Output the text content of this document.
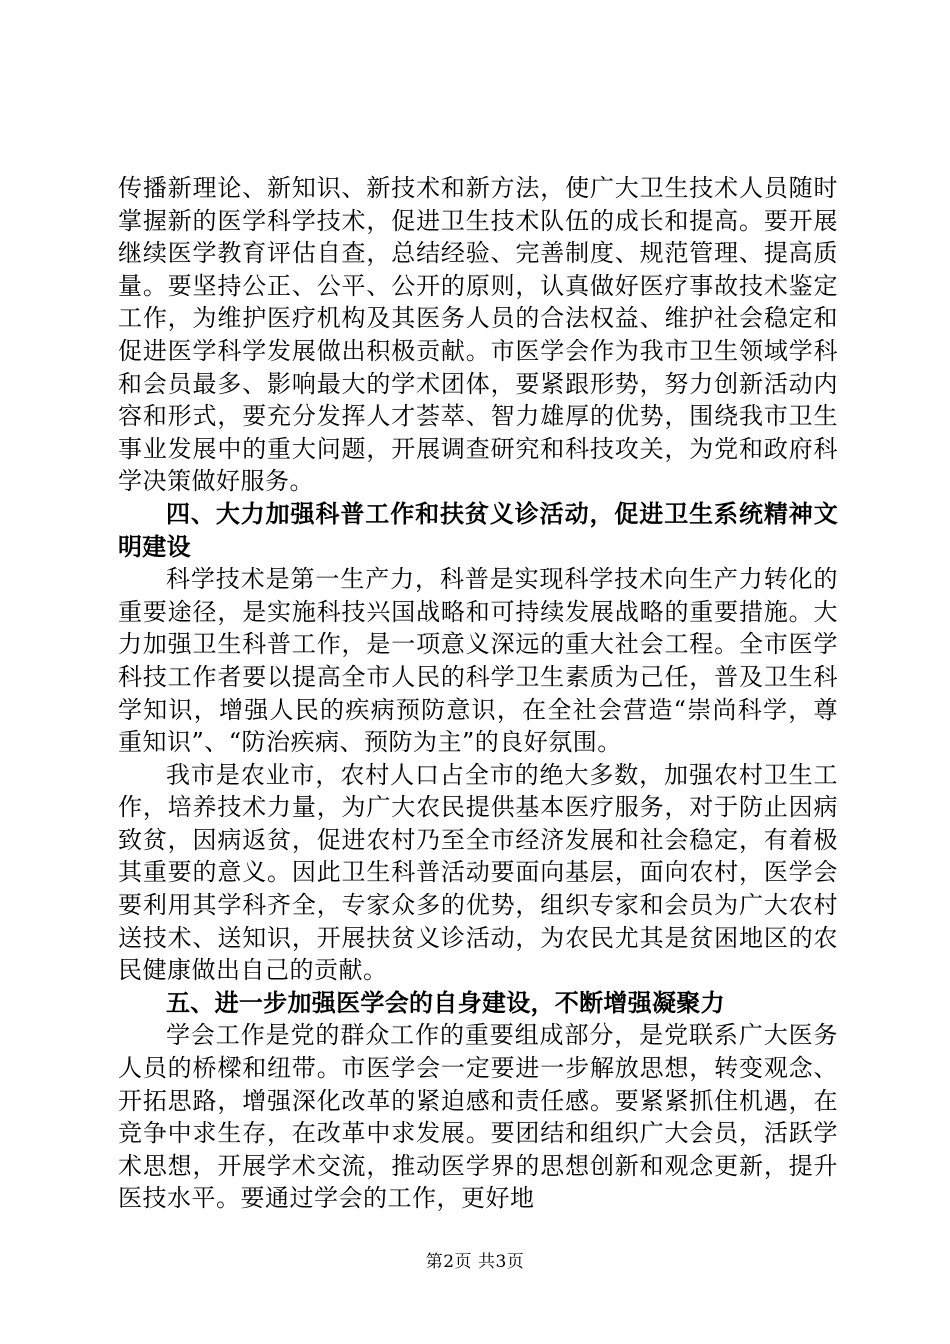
传播新理论、新知识、新技术和新方法，使广大卫生技术人员随时掌握新的医学科学技术，促进卫生技术队伍的成长和提高。要开展继续医学教育评估自查，总结经验、完善制度、规范管理、提高质量。要坚持公正、公平、公开的原则，认真做好医疗事故技术鉴定工作，为维护医疗机构及其医务人员的合法权益、维护社会稳定和促进医学科学发展做出积极贡献。市医学会作为我市卫生领域学科和会员最多、影响最大的学术团体，要紧跟形势，努力创新活动内容和形式，要充分发挥人才荟萃、智力雄厚的优势，围绕我市卫生事业发展中的重大问题，开展调查研究和科技攻关，为党和政府科学决策做好服务。

四、大力加强科普工作和扶贫义诊活动，促进卫生系统精神文明建设

科学技术是第一生产力，科普是实现科学技术向生产力转化的重要途径，是实施科技兴国战略和可持续发展战略的重要措施。大力加强卫生科普工作，是一项意义深远的重大社会工程。全市医学科技工作者要以提高全市人民的科学卫生素质为己任，普及卫生科学知识，增强人民的疾病预防意识，在全社会营造“崇尚科学，尊重知识”、“防治疾病、预防为主”的良好氛围。

我市是农业市，农村人口占全市的绝大多数，加强农村卫生工作，培养技术力量，为广大农民提供基本医疗服务，对于防止因病致贫，因病返贫，促进农村乃至全市经济发展和社会稳定，有着极其重要的意义。因此卫生科普活动要面向基层，面向农村，医学会要利用其学科齐全，专家众多的优势，组织专家和会员为广大农村送技术、送知识，开展扶贫义诊活动，为农民尤其是贫困地区的农民健康做出自己的贡献。

五、进一步加强医学会的自身建设，不断增强凝聚力

学会工作是党的群众工作的重要组成部分，是党联系广大医务人员的桥樑和纽带。市医学会一定要进一步解放思想，转变观念、开拓思路，增强深化改革的紧迫感和责任感。要紧紧抓住机遇，在竞争中求生存，在改革中求发展。要团结和组织广大会员，活跃学术思想，开展学术交流，推动医学界的思想创新和观念更新，提升医技水平。要通过学会的工作，更好地

第2页 共3页
